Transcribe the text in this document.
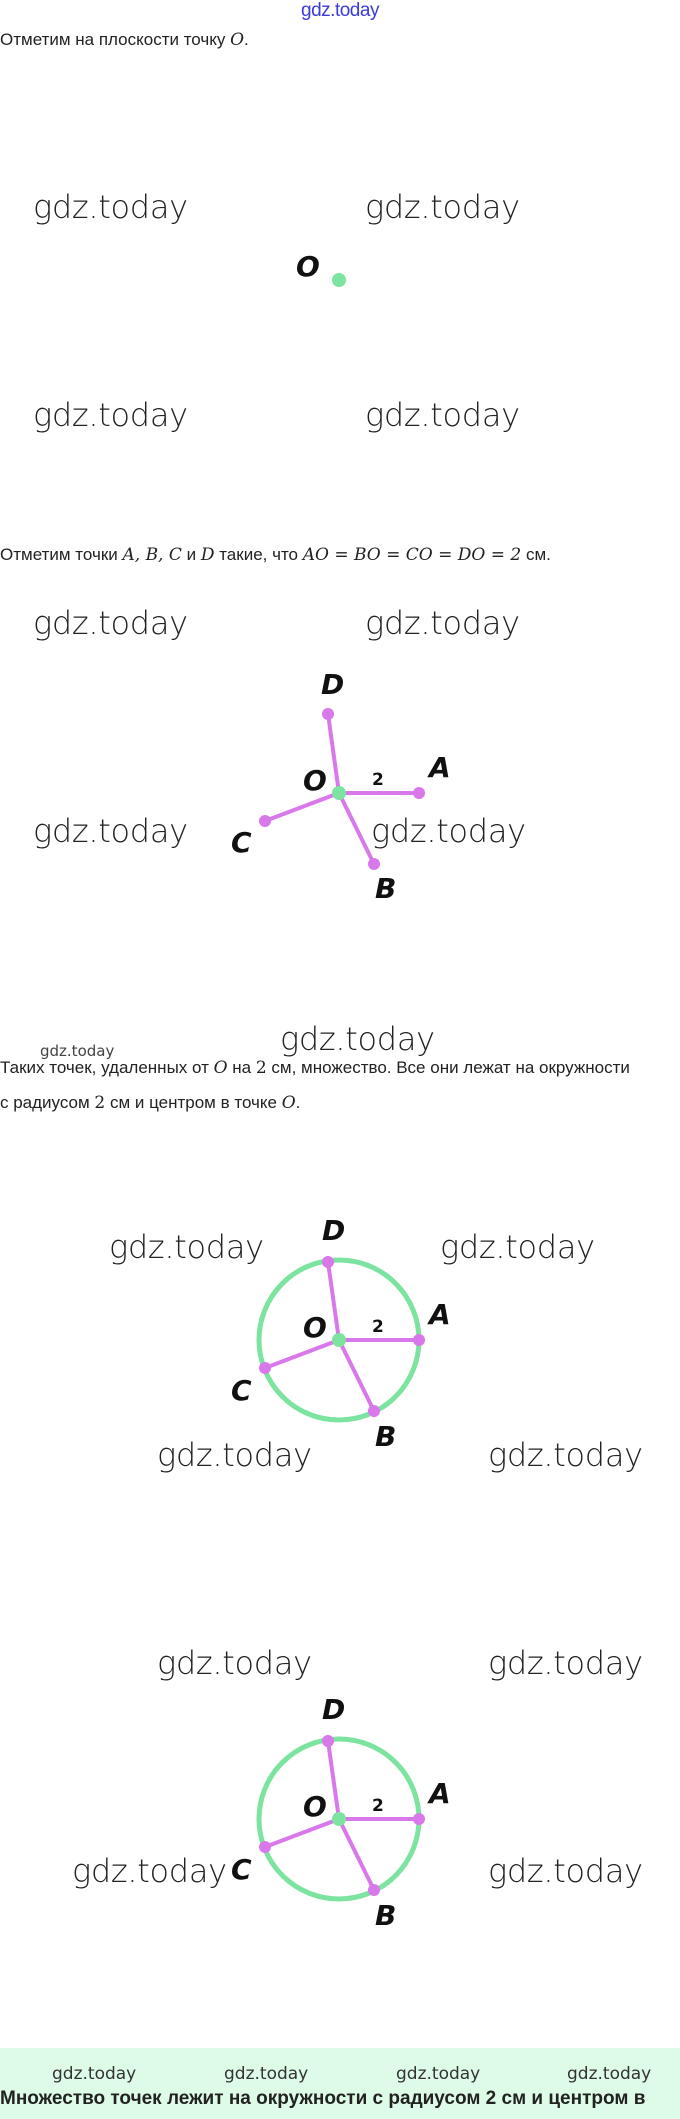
gdz.today
Отметим на плоскости точку O.
gdz.today	gdz.today
gdz.today	gdz.today
O
Отметим точки A, B, C и D такие, что AO = BO = CO = DO = 2 см.
gdz.today	gdz.today
gdz.today
O	A
D
C
B
2
gdz.today
gdz.today	gdz.today
Таких точек, удаленных от O на 2 см, множество. Все они лежат на окружности
с радиусом 2 см и центром в точке O.
gdz.today	gdz.today
gdz.today	gdz.today
O	A
D
C
B
2
gdz.today	gdz.today
O	A
D
C
B
2
gdz.today	gdz.today
gdz.today	gdz.today	gdz.today	gdz.today
Множество точек лежит на окружности с радиусом 2 см и центром в
